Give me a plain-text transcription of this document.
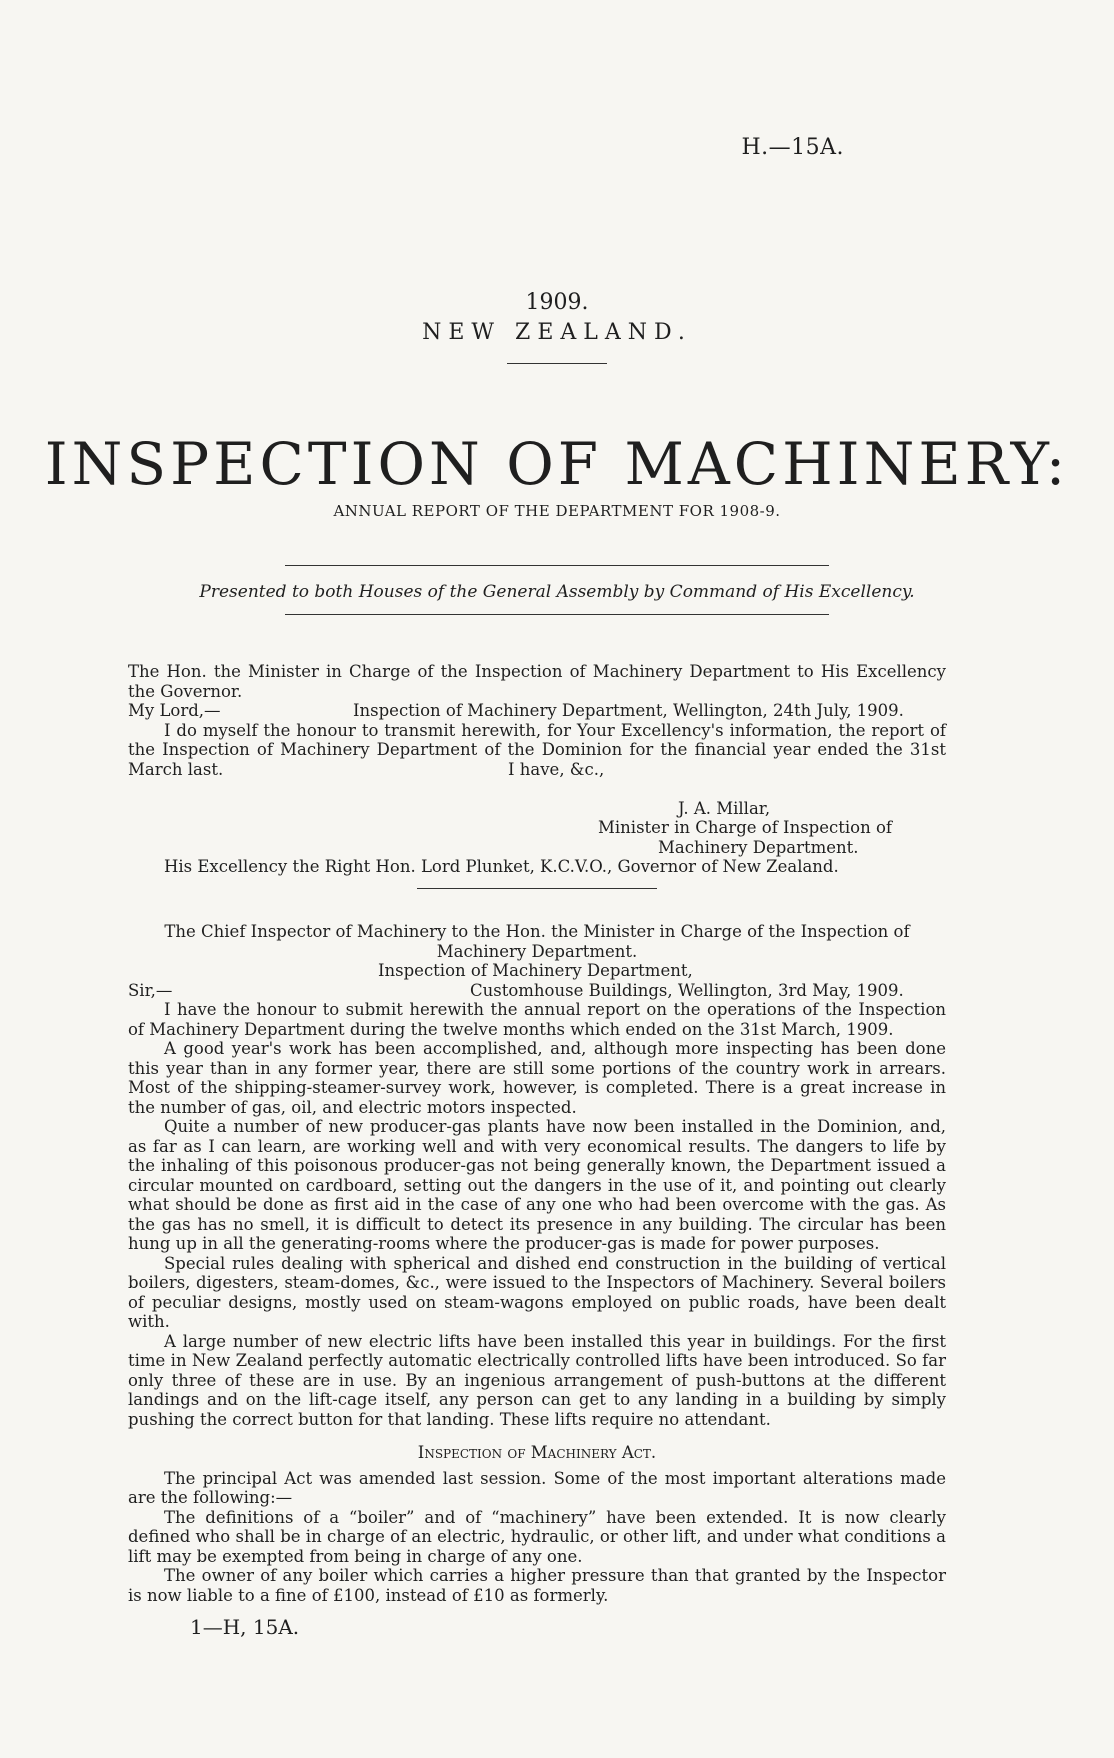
H.—15A.
1909.
NEW ZEALAND.
INSPECTION OF MACHINERY:
ANNUAL REPORT OF THE DEPARTMENT FOR 1908-9.
Presented to both Houses of the General Assembly by Command of His Excellency.
The Hon. the Minister in Charge of the Inspection of Machinery Department to His Excellency the Governor.
My Lord,—	Inspection of Machinery Department, Wellington, 24th July, 1909.
I do myself the honour to transmit herewith, for Your Excellency's information, the report of the Inspection of Machinery Department of the Dominion for the financial year ended the 31st March last.	I have, &c.,
J. A. Millar,
Minister in Charge of Inspection of
Machinery Department.
His Excellency the Right Hon. Lord Plunket, K.C.V.O., Governor of New Zealand.
The Chief Inspector of Machinery to the Hon. the Minister in Charge of the Inspection of Machinery Department.
Inspection of Machinery Department,
Sir,—	Customhouse Buildings, Wellington, 3rd May, 1909.
I have the honour to submit herewith the annual report on the operations of the Inspection of Machinery Department during the twelve months which ended on the 31st March, 1909.
A good year's work has been accomplished, and, although more inspecting has been done this year than in any former year, there are still some portions of the country work in arrears. Most of the shipping-steamer-survey work, however, is completed. There is a great increase in the number of gas, oil, and electric motors inspected.
Quite a number of new producer-gas plants have now been installed in the Dominion, and, as far as I can learn, are working well and with very economical results. The dangers to life by the inhaling of this poisonous producer-gas not being generally known, the Department issued a circular mounted on cardboard, setting out the dangers in the use of it, and pointing out clearly what should be done as first aid in the case of any one who had been overcome with the gas. As the gas has no smell, it is difficult to detect its presence in any building. The circular has been hung up in all the generating-rooms where the producer-gas is made for power purposes.
Special rules dealing with spherical and dished end construction in the building of vertical boilers, digesters, steam-domes, &c., were issued to the Inspectors of Machinery. Several boilers of peculiar designs, mostly used on steam-wagons employed on public roads, have been dealt with.
A large number of new electric lifts have been installed this year in buildings. For the first time in New Zealand perfectly automatic electrically controlled lifts have been introduced. So far only three of these are in use. By an ingenious arrangement of push-buttons at the different landings and on the lift-cage itself, any person can get to any landing in a building by simply pushing the correct button for that landing. These lifts require no attendant.
Inspection of Machinery Act.
The principal Act was amended last session. Some of the most important alterations made are the following:—
The definitions of a “boiler” and of “machinery” have been extended. It is now clearly defined who shall be in charge of an electric, hydraulic, or other lift, and under what conditions a lift may be exempted from being in charge of any one.
The owner of any boiler which carries a higher pressure than that granted by the Inspector is now liable to a fine of £100, instead of £10 as formerly.
1—H, 15A.
